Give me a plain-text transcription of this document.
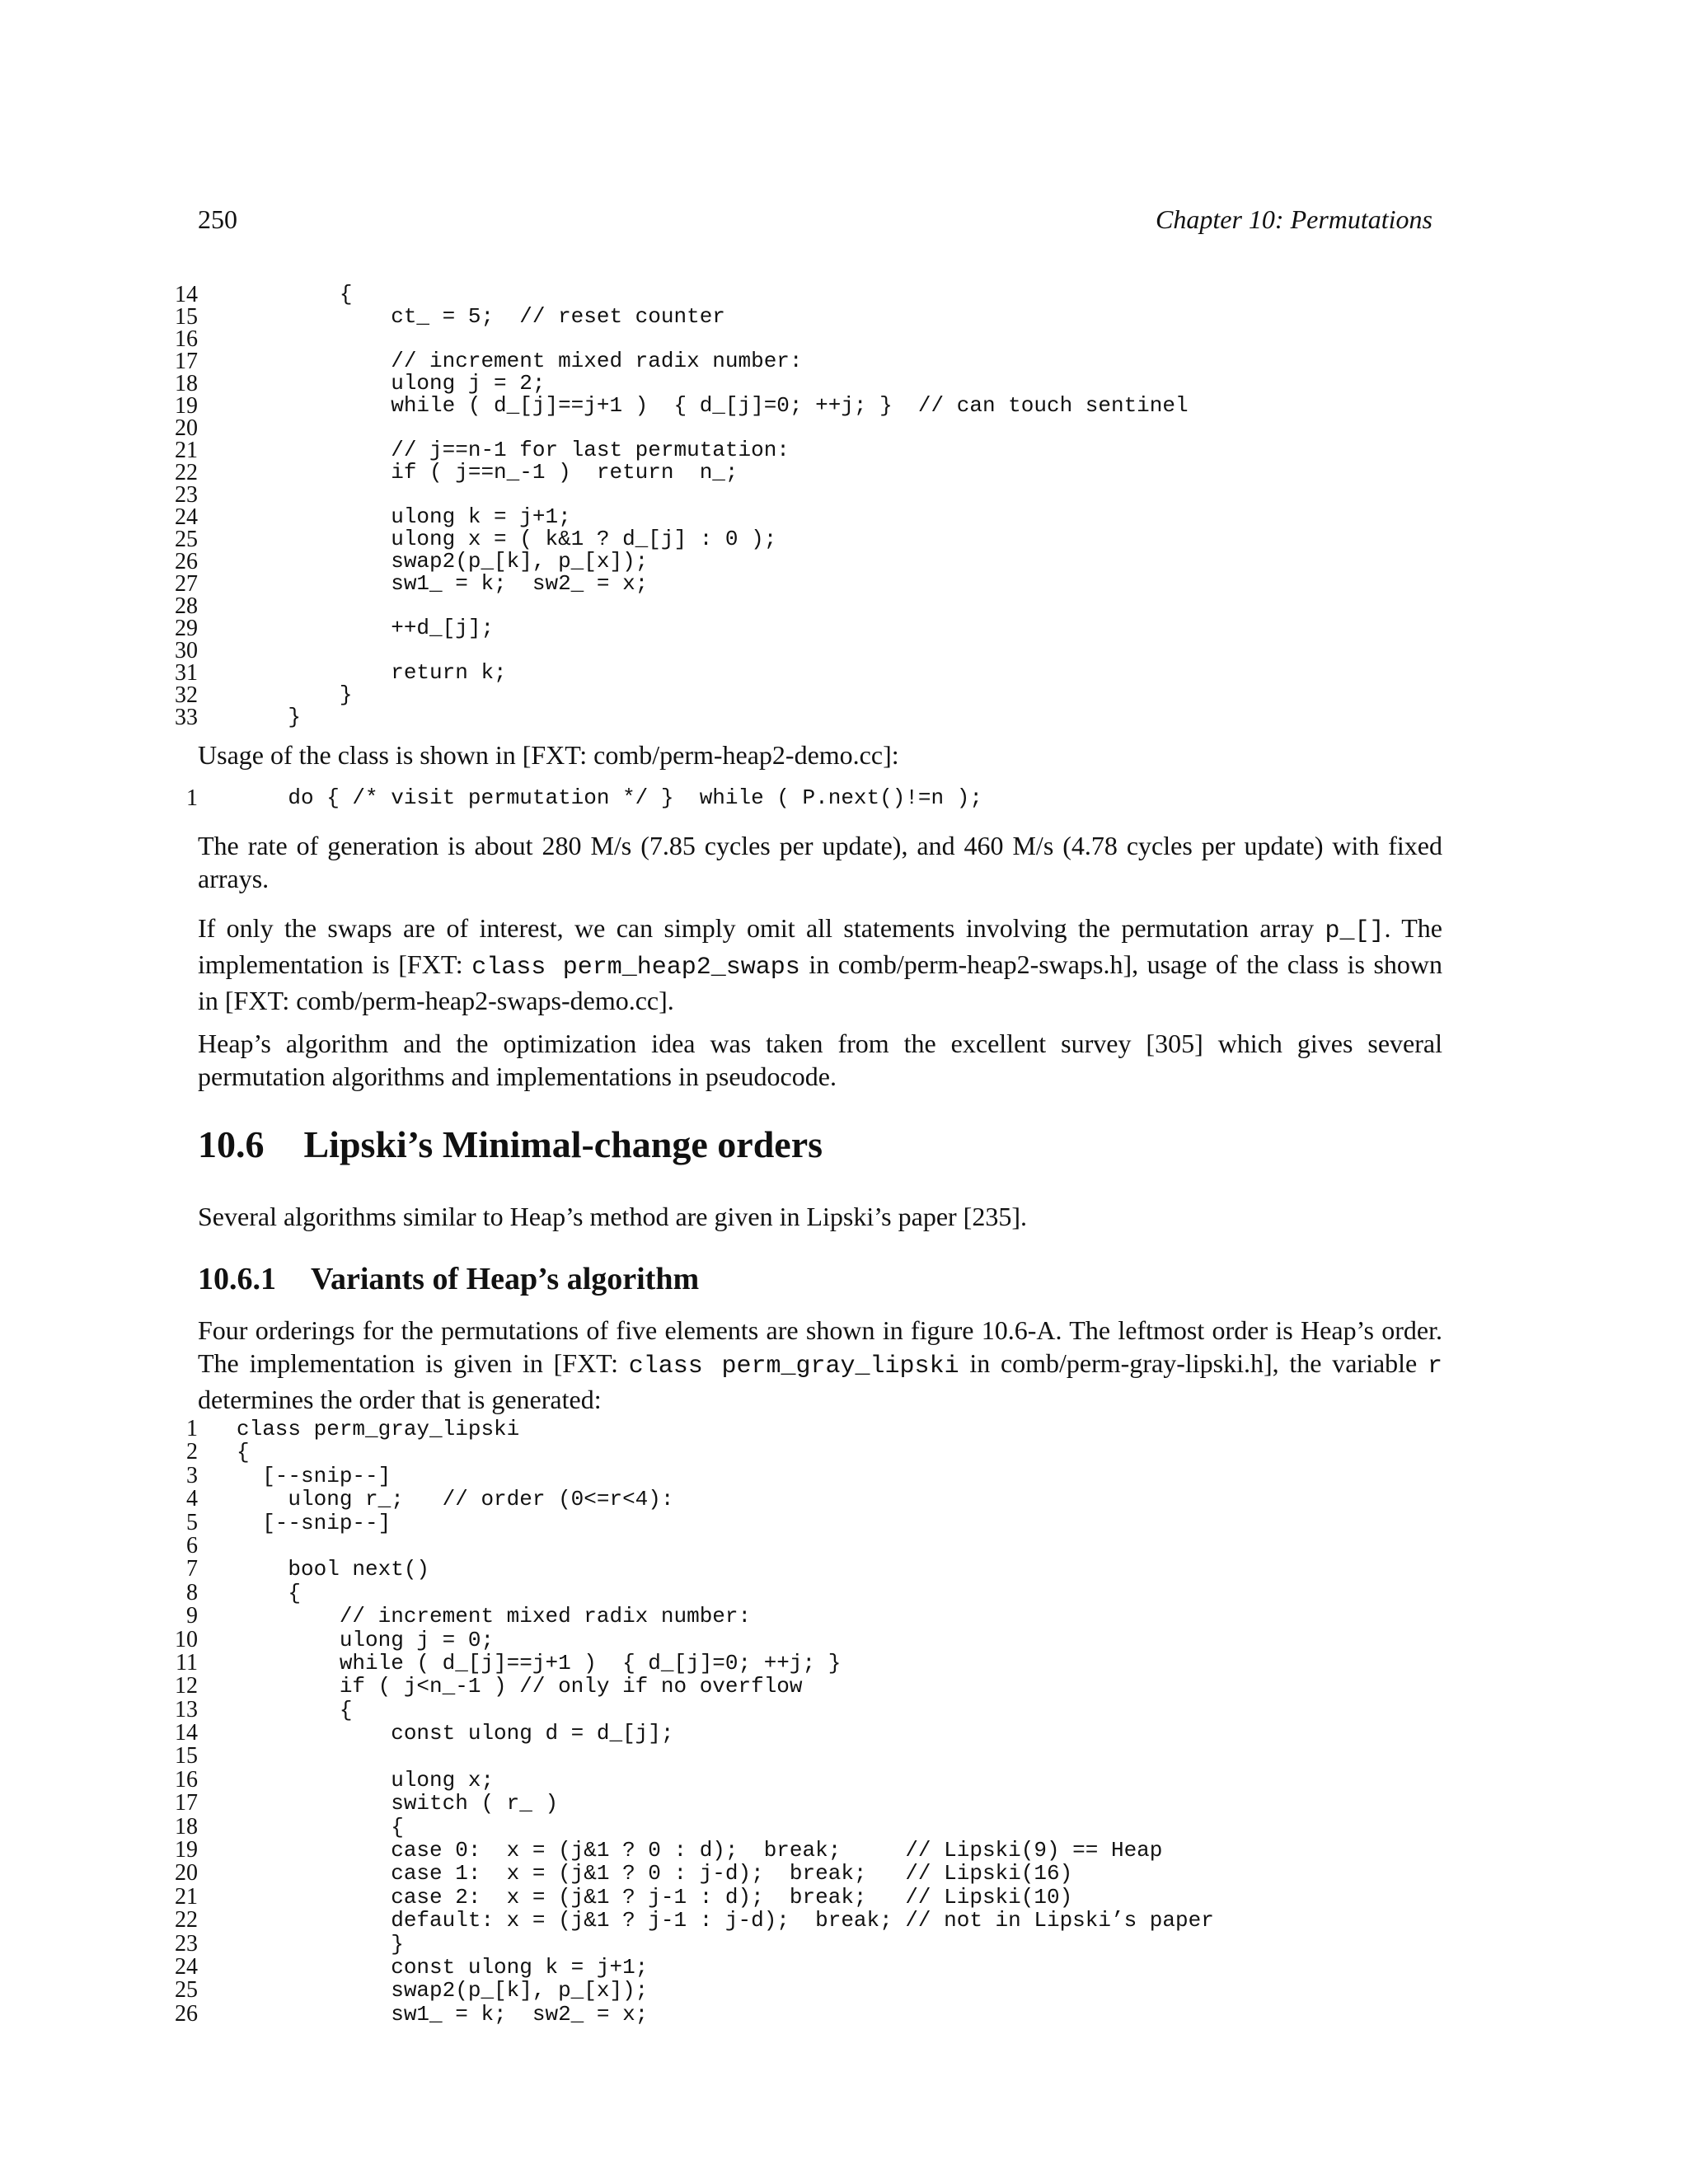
250	Chapter 10: Permutations
14 {
15 ct_ = 5;  // reset counter
16
17 // increment mixed radix number:
18 ulong j = 2;
19 while ( d_[j]==j+1 )  { d_[j]=0; ++j; }  // can touch sentinel
20
21 // j==n-1 for last permutation:
22 if ( j==n_-1 )  return  n_;
23
24 ulong k = j+1;
25 ulong x = ( k&1 ? d_[j] : 0 );
26 swap2(p_[k], p_[x]);
27 sw1_ = k;  sw2_ = x;
28
29 ++d_[j];
30
31 return k;
32 }
33 }
Usage of the class is shown in [FXT: comb/perm-heap2-demo.cc]:
1 do { /* visit permutation */ }  while ( P.next()!=n );
The rate of generation is about 280 M/s (7.85 cycles per update), and 460 M/s (4.78 cycles per update) with fixed arrays.
If only the swaps are of interest, we can simply omit all statements involving the permutation array p_[]. The implementation is [FXT: class perm_heap2_swaps in comb/perm-heap2-swaps.h], usage of the class is shown in [FXT: comb/perm-heap2-swaps-demo.cc].
Heap’s algorithm and the optimization idea was taken from the excellent survey [305] which gives several permutation algorithms and implementations in pseudocode.
10.6 Lipski’s Minimal-change orders
Several algorithms similar to Heap’s method are given in Lipski’s paper [235].
10.6.1 Variants of Heap’s algorithm
Four orderings for the permutations of five elements are shown in figure 10.6-A. The leftmost order is Heap’s order. The implementation is given in [FXT: class perm_gray_lipski in comb/perm-gray-lipski.h], the variable r determines the order that is generated:
1 class perm_gray_lipski
2 {
3 [--snip--]
4 ulong r_;   // order (0<=r<4):
5 [--snip--]
6
7 bool next()
8 {
9 // increment mixed radix number:
10 ulong j = 0;
11 while ( d_[j]==j+1 )  { d_[j]=0; ++j; }
12 if ( j<n_-1 ) // only if no overflow
13 {
14 const ulong d = d_[j];
15
16 ulong x;
17 switch ( r_ )
18 {
19 case 0:  x = (j&1 ? 0 : d);  break;     // Lipski(9) == Heap
20 case 1:  x = (j&1 ? 0 : j-d);  break;   // Lipski(16)
21 case 2:  x = (j&1 ? j-1 : d);  break;   // Lipski(10)
22 default: x = (j&1 ? j-1 : j-d);  break; // not in Lipski’s paper
23 }
24 const ulong k = j+1;
25 swap2(p_[k], p_[x]);
26 sw1_ = k;  sw2_ = x;
